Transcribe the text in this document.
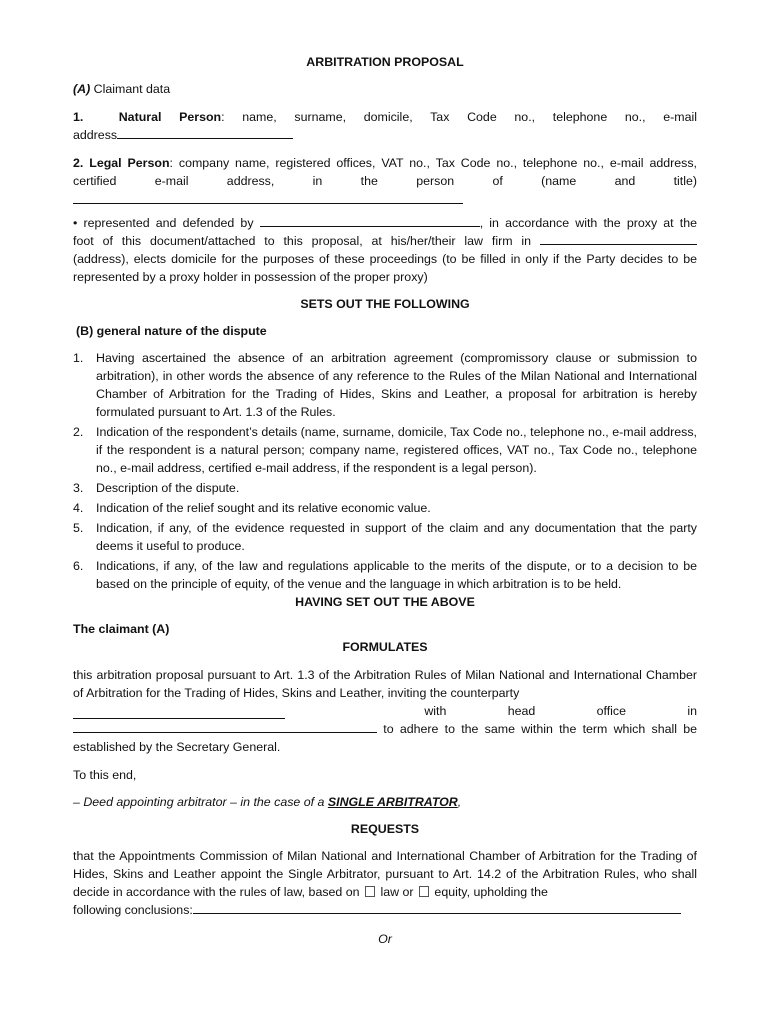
ARBITRATION PROPOSAL

(A) Claimant data

1.	Natural Person: name, surname, domicile, Tax Code no., telephone no., e-mail

address

2. Legal Person: company name, registered offices, VAT no., Tax Code no., telephone no., e-mail address,

certified e-mail address, in the person of (name and title)

• represented and defended by	, in accordance with the proxy at the

foot of this document/attached to this proposal, at his/her/their law firm in

(address), elects domicile for the purposes of these proceedings (to be filled in only if the Party decides to be represented by a proxy holder in possession of the proper proxy)

SETS OUT THE FOLLOWING

(B) general nature of the dispute

1. Having ascertained the absence of an arbitration agreement (compromissory clause or submission to arbitration), in other words the absence of any reference to the Rules of the Milan National and International Chamber of Arbitration for the Trading of Hides, Skins and Leather, a proposal for arbitration is hereby formulated pursuant to Art. 1.3 of the Rules.
2. Indication of the respondent’s details (name, surname, domicile, Tax Code no., telephone no., e-mail address, if the respondent is a natural person; company name, registered offices, VAT no., Tax Code no., telephone no., e-mail address, certified e-mail address, if the respondent is a legal person).
3. Description of the dispute.
4. Indication of the relief sought and its relative economic value.
5. Indication, if any, of the evidence requested in support of the claim and any documentation that the party deems it useful to produce.
6. Indications, if any, of the law and regulations applicable to the merits of the dispute, or to a decision to be based on the principle of equity, of the venue and the language in which arbitration is to be held.

HAVING SET OUT THE ABOVE

The claimant (A)

FORMULATES

this arbitration proposal pursuant to Art. 1.3 of the Arbitration Rules of Milan National and International Chamber of Arbitration for the Trading of Hides, Skins and Leather, inviting the counterparty

with	head	office	in

to adhere to the same within the term which shall be

established by the Secretary General.

To this end,

– Deed appointing arbitrator – in the case of a SINGLE ARBITRATOR,

REQUESTS

that the Appointments Commission of Milan National and International Chamber of Arbitration for the Trading of Hides, Skins and Leather appoint the Single Arbitrator, pursuant to Art. 14.2 of the Arbitration Rules, who shall decide in accordance with the rules of law, based on law or equity, upholding the

following conclusions:

Or
